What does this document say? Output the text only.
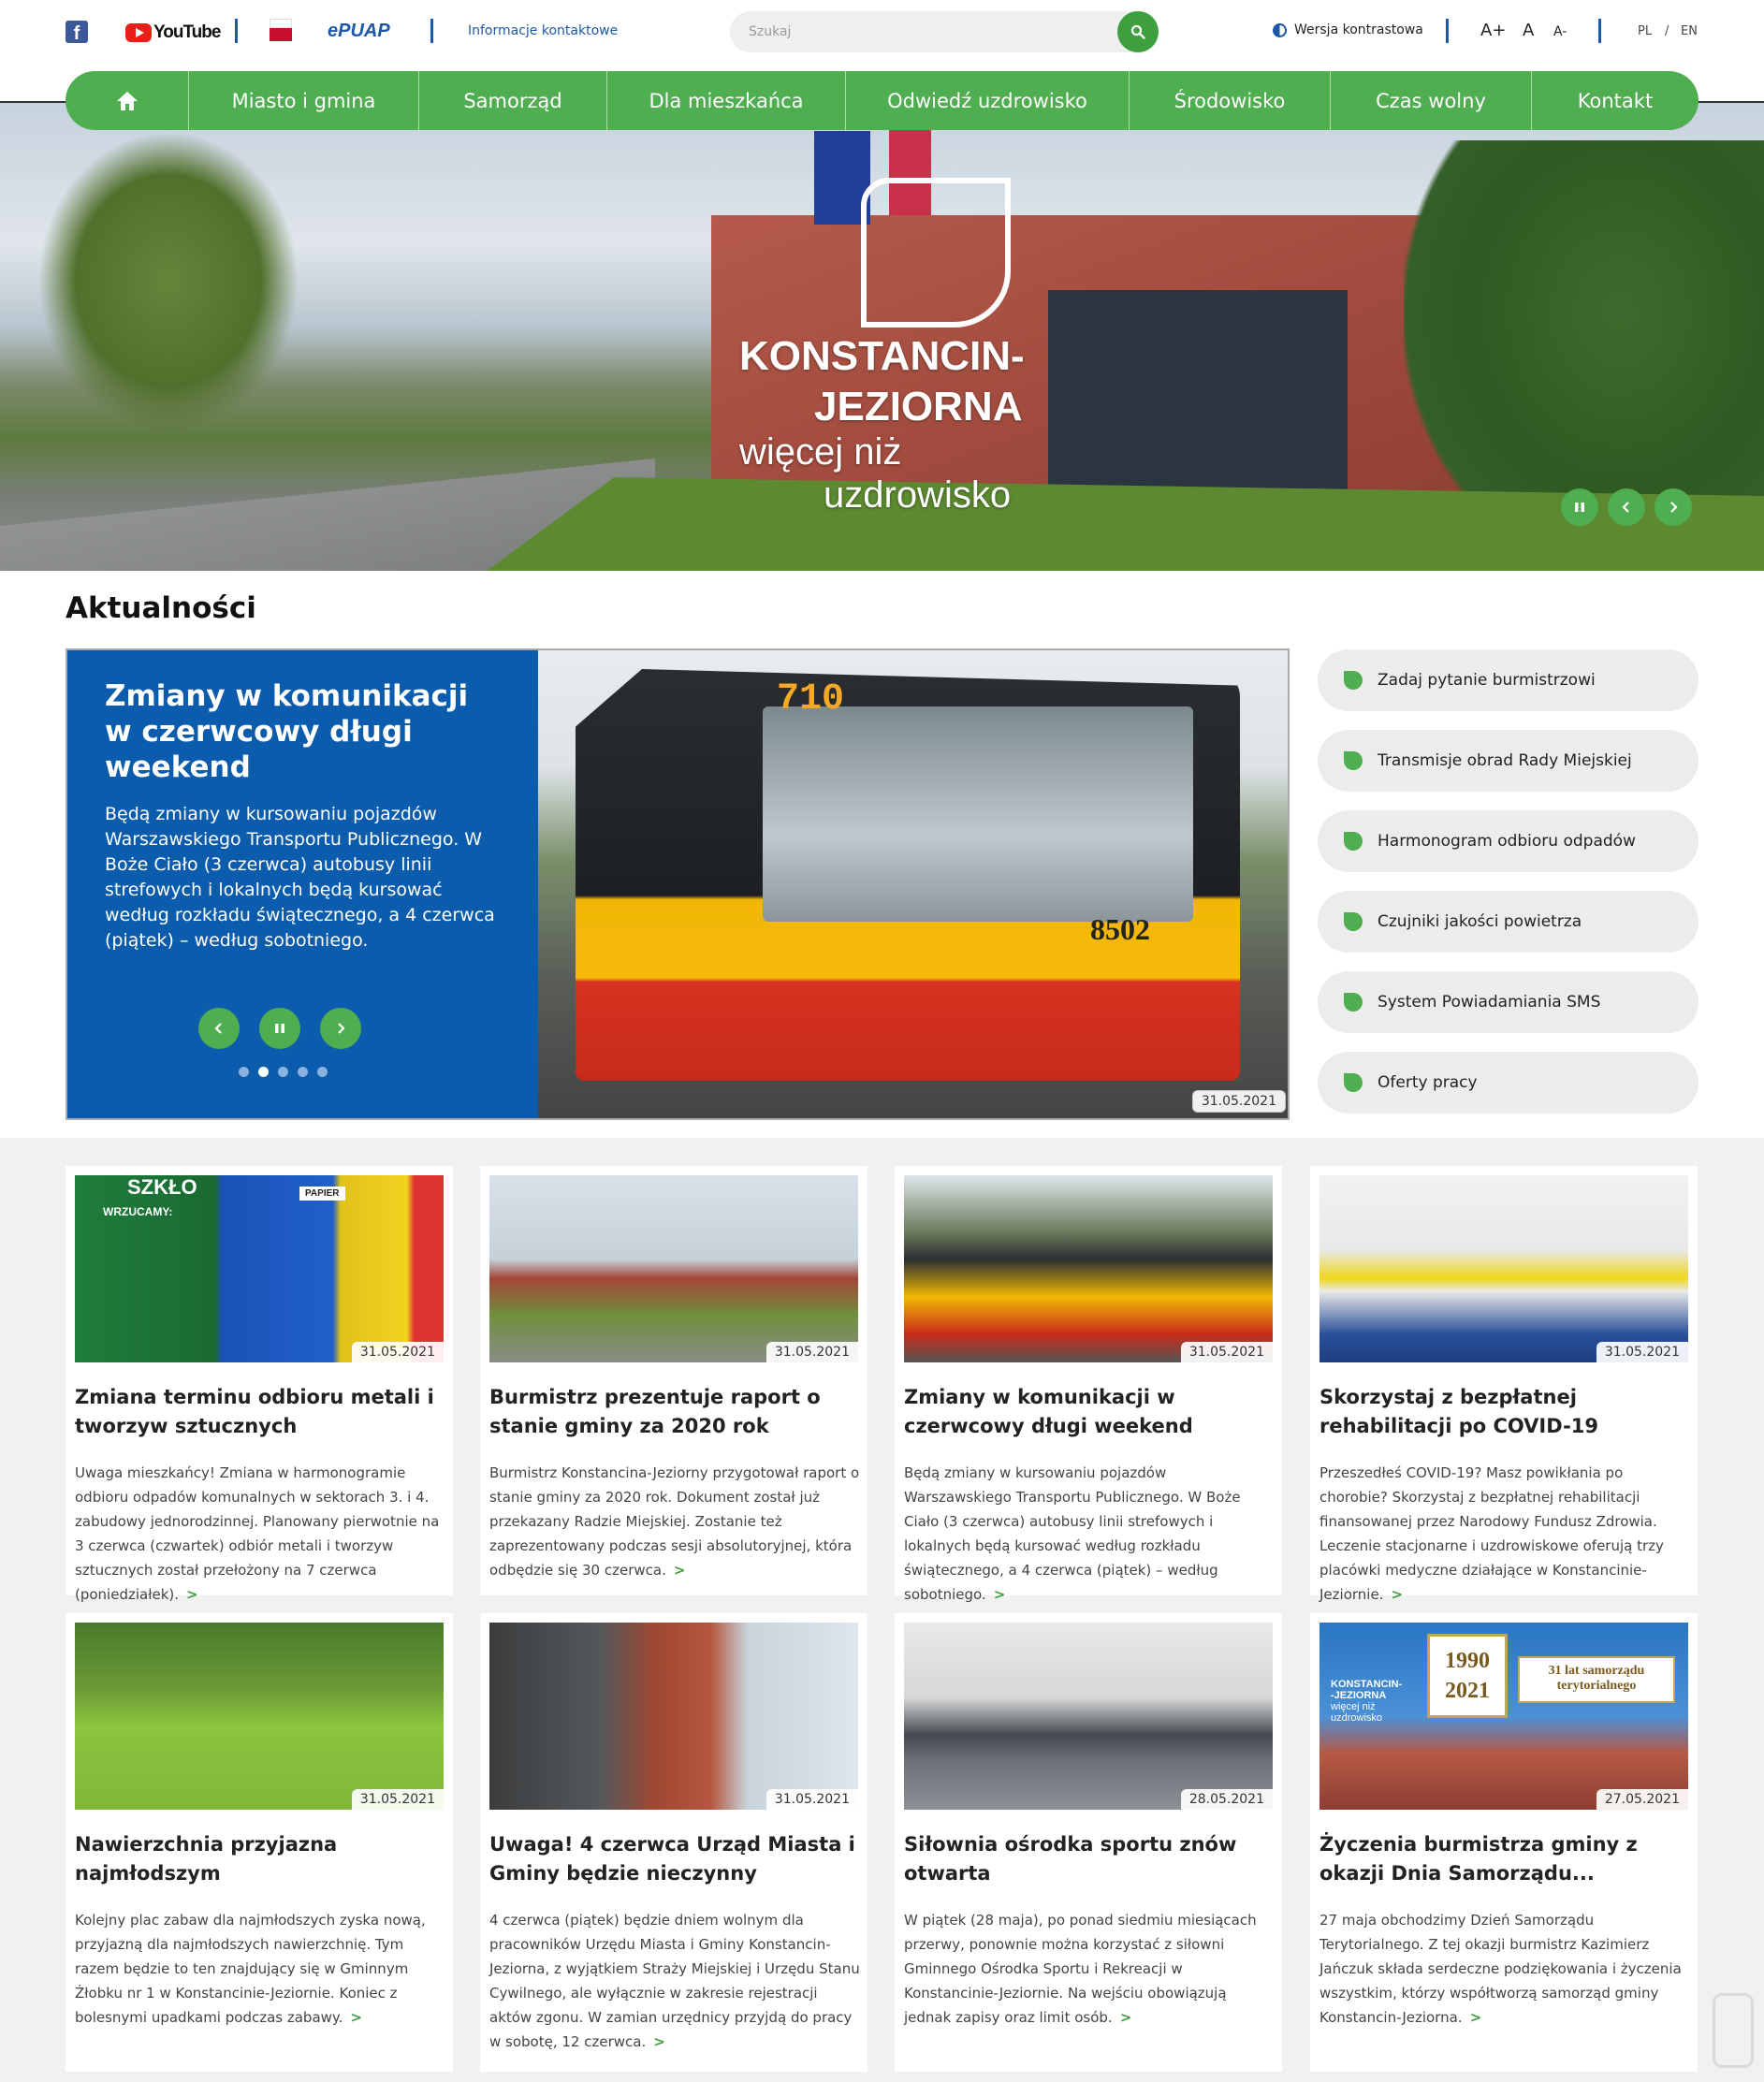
f	YouTube	ePUAP	Informacje kontaktowe
Szukaj	Wersja kontrastowa	A+ A A-	PL / EN
Miasto i gmina	Samorząd	Dla mieszkańca	Odwiedź uzdrowisko	Środowisko	Czas wolny	Kontakt
KONSTANCIN-
JEZIORNA
więcej niż
uzdrowisko
Aktualności
Zmiany w komunikacji w czerwcowy długi weekend

Będą zmiany w kursowaniu pojazdów Warszawskiego Transportu Publicznego. W Boże Ciało (3 czerwca) autobusy linii strefowych i lokalnych będą kursować według rozkładu świątecznego, a 4 czerwca (piątek) – według sobotniego.

710
8502
31.05.2021
Zadaj pytanie burmistrzowi
Transmisje obrad Rady Miejskiej
Harmonogram odbioru odpadów
Czujniki jakości powietrza
System Powiadamiania SMS
Oferty pracy
SZKŁO
WRZUCAMY:
PAPIER
31.05.2021
Zmiana terminu odbioru metali i tworzyw sztucznych

Uwaga mieszkańcy! Zmiana w harmonogramie odbioru odpadów komunalnych w sektorach 3. i 4. zabudowy jednorodzinnej. Planowany pierwotnie na 3 czerwca (czwartek) odbiór metali i tworzyw sztucznych został przełożony na 7 czerwca (poniedziałek). >

31.05.2021
Burmistrz prezentuje raport o stanie gminy za 2020 rok

Burmistrz Konstancina-Jeziorny przygotował raport o stanie gminy za 2020 rok. Dokument został już przekazany Radzie Miejskiej. Zostanie też zaprezentowany podczas sesji absolutoryjnej, która odbędzie się 30 czerwca. >

31.05.2021
Zmiany w komunikacji w czerwcowy długi weekend

Będą zmiany w kursowaniu pojazdów Warszawskiego Transportu Publicznego. W Boże Ciało (3 czerwca) autobusy linii strefowych i lokalnych będą kursować według rozkładu świątecznego, a 4 czerwca (piątek) – według sobotniego. >

31.05.2021
Skorzystaj z bezpłatnej rehabilitacji po COVID-19

Przeszedłeś COVID-19? Masz powikłania po chorobie? Skorzystaj z bezpłatnej rehabilitacji finansowanej przez Narodowy Fundusz Zdrowia. Leczenie stacjonarne i uzdrowiskowe oferują trzy placówki medyczne działające w Konstancinie-Jeziornie. >

31.05.2021
Nawierzchnia przyjazna najmłodszym

Kolejny plac zabaw dla najmłodszych zyska nową, przyjazną dla najmłodszych nawierzchnię. Tym razem będzie to ten znajdujący się w Gminnym Żłobku nr 1 w Konstancinie-Jeziornie. Koniec z bolesnymi upadkami podczas zabawy. >

31.05.2021
Uwaga! 4 czerwca Urząd Miasta i Gminy będzie nieczynny

4 czerwca (piątek) będzie dniem wolnym dla pracowników Urzędu Miasta i Gminy Konstancin-Jeziorna, z wyjątkiem Straży Miejskiej i Urzędu Stanu Cywilnego, ale wyłącznie w zakresie rejestracji aktów zgonu. W zamian urzędnicy przyjdą do pracy w sobotę, 12 czerwca. >

28.05.2021
Siłownia ośrodka sportu znów otwarta

W piątek (28 maja), po ponad siedmiu miesiącach przerwy, ponownie można korzystać z siłowni Gminnego Ośrodka Sportu i Rekreacji w Konstancinie-Jeziornie. Na wejściu obowiązują jednak zapisy oraz limit osób. >

KONSTANCIN-
-JEZIORNA
więcej niż
uzdrowisko
1990
2021
31 lat samorządu terytorialnego
27.05.2021
Życzenia burmistrza gminy z okazji Dnia Samorządu...

27 maja obchodzimy Dzień Samorządu Terytorialnego. Z tej okazji burmistrz Kazimierz Jańczuk składa serdeczne podziękowania i życzenia wszystkim, którzy współtworzą samorząd gminy Konstancin-Jeziorna. >
